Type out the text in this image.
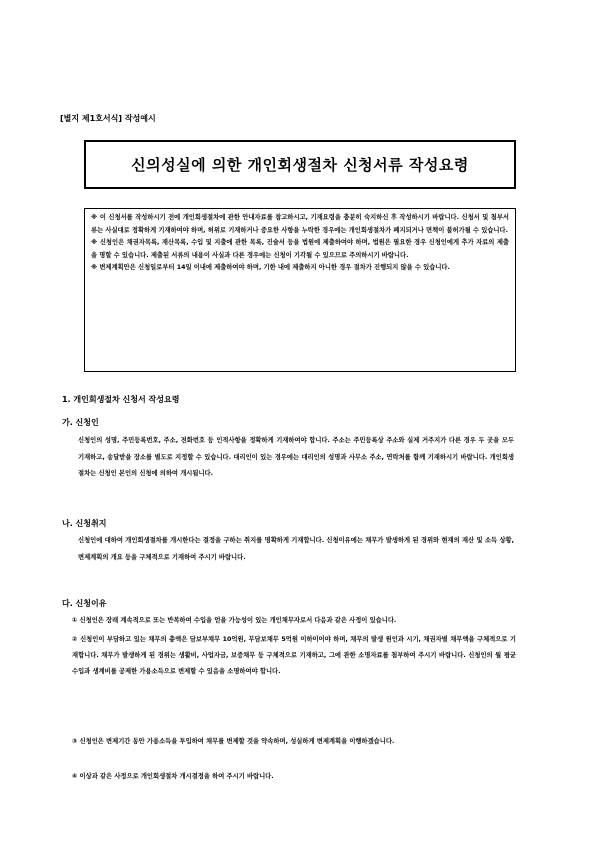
[별지 제1호서식] 작성예시
신의성실에 의한 개인회생절차 신청서류 작성요령

※ 이 신청서를 작성하시기 전에 개인회생절차에 관한 안내자료를 참고하시고, 기재요령을 충분히 숙지하신 후 작성하시기 바랍니다. 신청서 및 첨부서류는 사실대로 정확하게 기재하여야 하며, 허위로 기재하거나 중요한 사항을 누락한 경우에는 개인회생절차가 폐지되거나 면책이 불허가될 수 있습니다.

※ 신청인은 채권자목록, 재산목록, 수입 및 지출에 관한 목록, 진술서 등을 법원에 제출하여야 하며, 법원은 필요한 경우 신청인에게 추가 자료의 제출을 명할 수 있습니다. 제출된 서류의 내용이 사실과 다른 경우에는 신청이 기각될 수 있으므로 주의하시기 바랍니다.

※ 변제계획안은 신청일로부터 14일 이내에 제출하여야 하며, 기한 내에 제출하지 아니한 경우 절차가 진행되지 않을 수 있습니다.

1. 개인회생절차 신청서 작성요령
가. 신청인
신청인의 성명, 주민등록번호, 주소, 전화번호 등 인적사항을 정확하게 기재하여야 합니다. 주소는 주민등록상 주소와 실제 거주지가 다른 경우 두 곳을 모두 기재하고, 송달받을 장소를 별도로 지정할 수 있습니다. 대리인이 있는 경우에는 대리인의 성명과 사무소 주소, 연락처를 함께 기재하시기 바랍니다. 개인회생절차는 신청인 본인의 신청에 의하여 개시됩니다.
나. 신청취지
신청인에 대하여 개인회생절차를 개시한다는 결정을 구하는 취지를 명확하게 기재합니다. 신청이유에는 채무가 발생하게 된 경위와 현재의 재산 및 소득 상황, 변제계획의 개요 등을 구체적으로 기재하여 주시기 바랍니다.
다. 신청이유
① 신청인은 장래 계속적으로 또는 반복하여 수입을 얻을 가능성이 있는 개인채무자로서 다음과 같은 사정이 있습니다.
② 신청인이 부담하고 있는 채무의 총액은 담보부채무 10억원, 무담보채무 5억원 이하이어야 하며, 채무의 발생 원인과 시기, 채권자별 채무액을 구체적으로 기재합니다. 채무가 발생하게 된 경위는 생활비, 사업자금, 보증채무 등 구체적으로 기재하고, 그에 관한 소명자료를 첨부하여 주시기 바랍니다. 신청인의 월 평균 수입과 생계비를 공제한 가용소득으로 변제할 수 있음을 소명하여야 합니다.
③ 신청인은 변제기간 동안 가용소득을 투입하여 채무를 변제할 것을 약속하며, 성실하게 변제계획을 이행하겠습니다.
④ 이상과 같은 사정으로 개인회생절차 개시결정을 하여 주시기 바랍니다.
